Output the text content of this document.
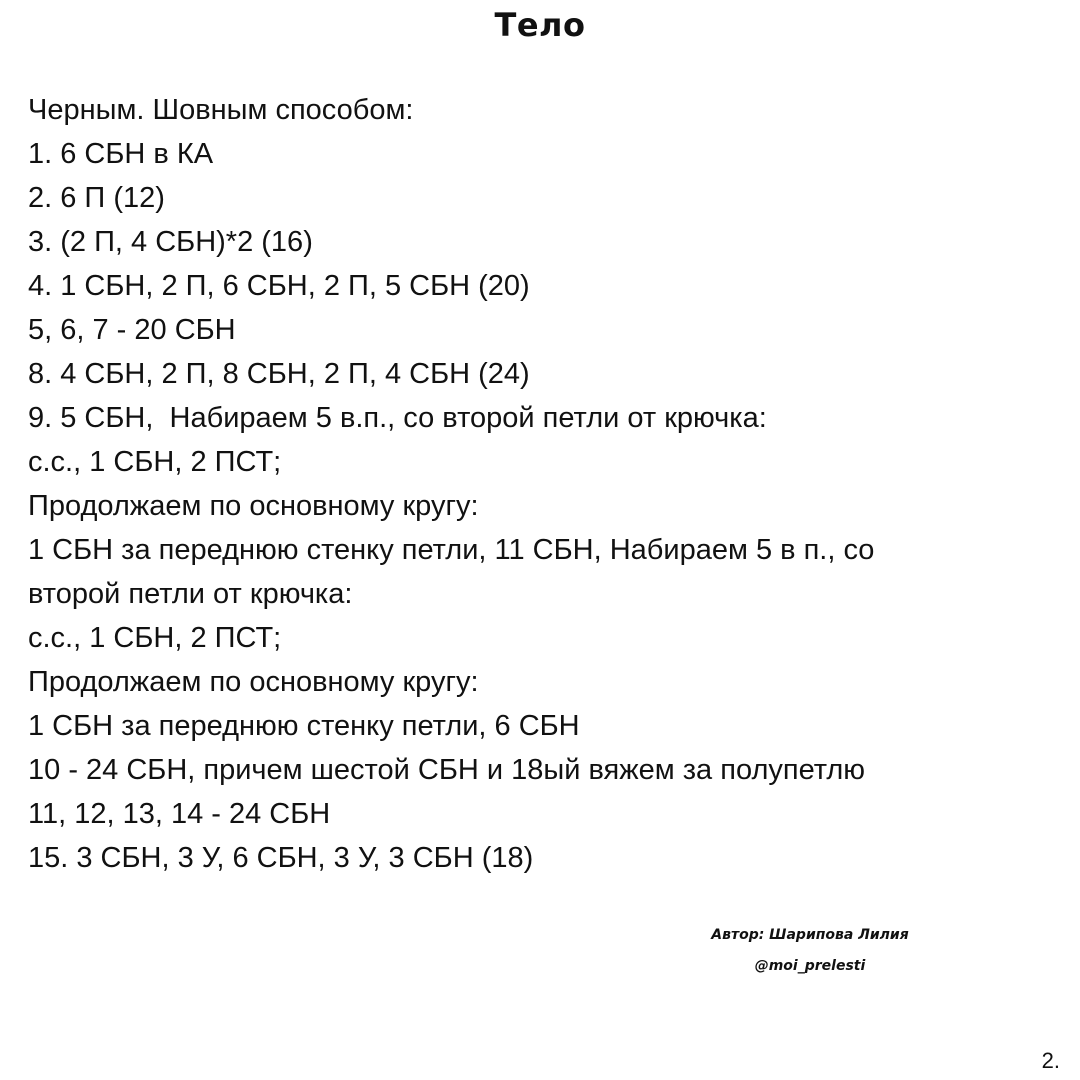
Тело
Черным. Шовным способом:
1. 6 СБН в КА
2. 6 П (12)
3. (2 П, 4 СБН)*2 (16)
4. 1 СБН, 2 П, 6 СБН, 2 П, 5 СБН (20)
5, 6, 7 - 20 СБН
8. 4 СБН, 2 П, 8 СБН, 2 П, 4 СБН (24)
9. 5 СБН,  Набираем 5 в.п., со второй петли от крючка:
с.с., 1 СБН, 2 ПСТ;
Продолжаем по основному кругу:
1 СБН за переднюю стенку петли, 11 СБН, Набираем 5 в п., со
второй петли от крючка:
с.с., 1 СБН, 2 ПСТ;
Продолжаем по основному кругу:
1 СБН за переднюю стенку петли, 6 СБН
10 - 24 СБН, причем шестой СБН и 18ый вяжем за полупетлю
11, 12, 13, 14 - 24 СБН
15. 3 СБН, 3 У, 6 СБН, 3 У, 3 СБН (18)
Автор: Шарипова Лилия
@moi_prelesti
2.
